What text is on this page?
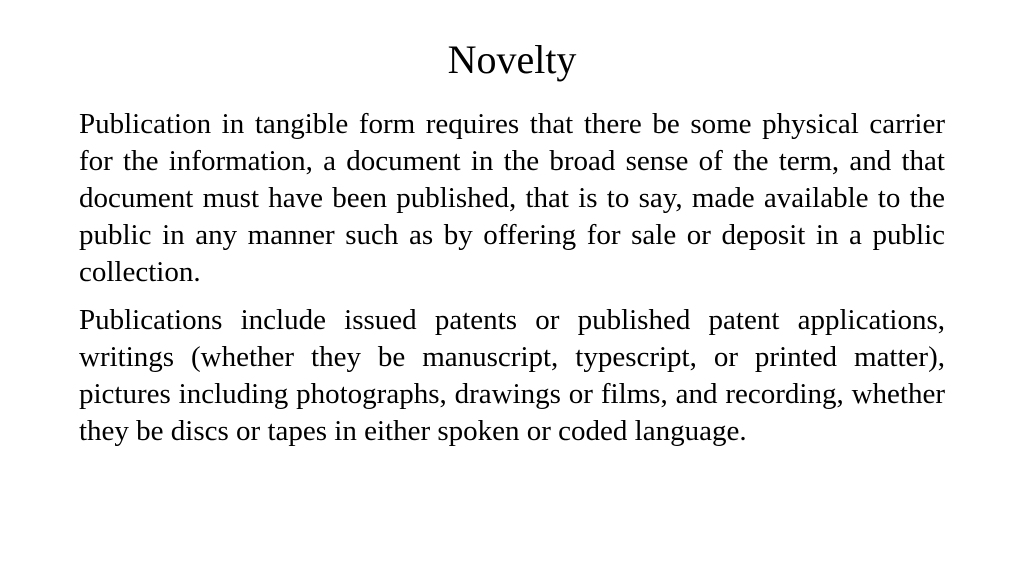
Novelty

Publication in tangible form requires that there be some physical carrier for the information, a document in the broad sense of the term, and that document must have been published, that is to say, made available to the public in any manner such as by offering for sale or deposit in a public collection.

Publications include issued patents or published patent applications, writings (whether they be manuscript, typescript, or printed matter), pictures including photographs, drawings or films, and recording, whether they be discs or tapes in either spoken or coded language.
